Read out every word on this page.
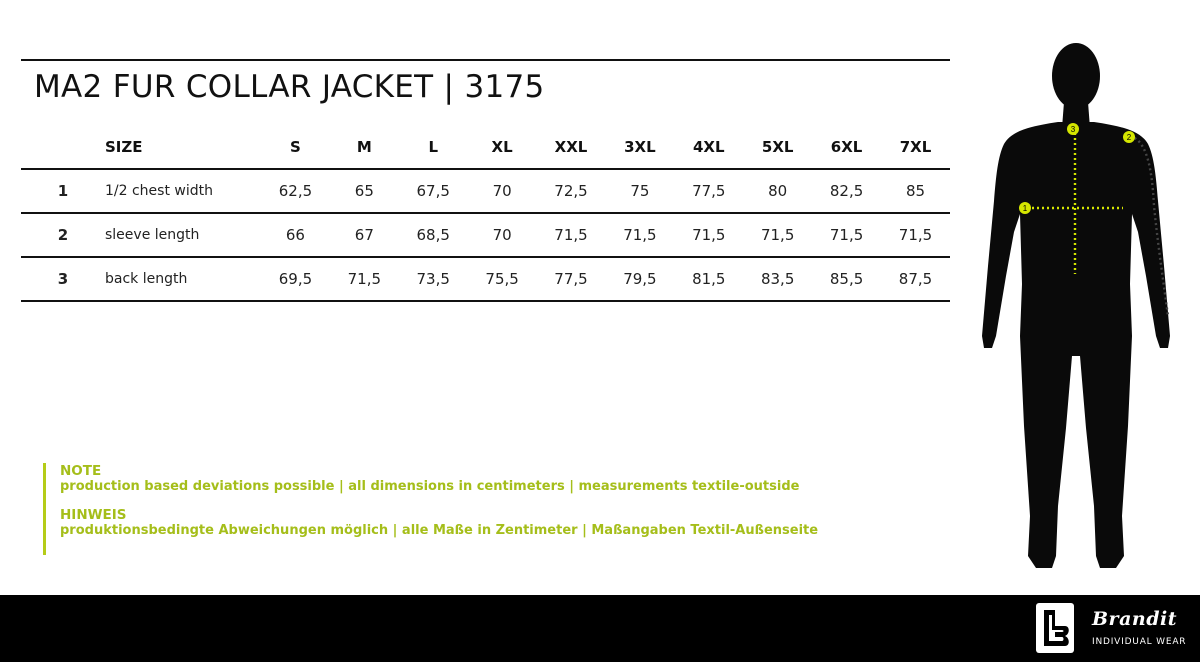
MA2 FUR COLLAR JACKET | 3175
	SIZE	S	M	L	XL	XXL	3XL	4XL	5XL	6XL	7XL
1	1/2 chest width	62,5	65	67,5	70	72,5	75	77,5	80	82,5	85
2	sleeve length	66	67	68,5	70	71,5	71,5	71,5	71,5	71,5	71,5
3	back length	69,5	71,5	73,5	75,5	77,5	79,5	81,5	83,5	85,5	87,5
NOTE
production based deviations possible | all dimensions in centimeters | measurements textile-outside
HINWEIS
produktionsbedingte Abweichungen möglich | alle Maße in Zentimeter | Maßangaben Textil-Außenseite
3
2
1
Brandit
INDIVIDUAL WEAR
